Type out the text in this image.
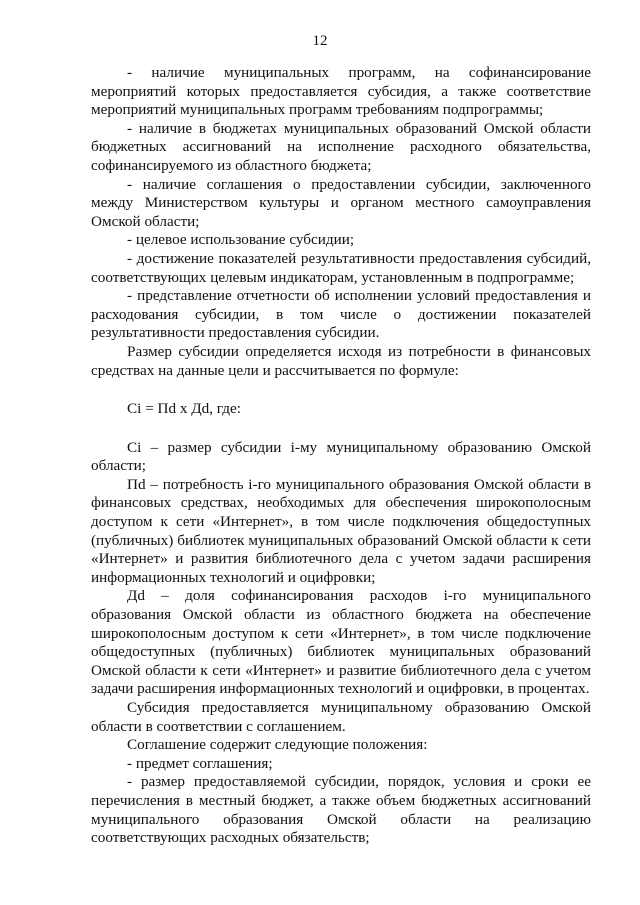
12

- наличие муниципальных программ, на софинансирование мероприятий которых предоставляется субсидия, а также соответствие мероприятий муниципальных программ требованиям подпрограммы;

- наличие в бюджетах муниципальных образований Омской области бюджетных ассигнований на исполнение расходного обязательства, софинансируемого из областного бюджета;

- наличие соглашения о предоставлении субсидии, заключенного между Министерством культуры и органом местного самоуправления Омской области;

- целевое использование субсидии;

- достижение показателей результативности предоставления субсидий, соответствующих целевым индикаторам, установленным в подпрограмме;

- представление отчетности об исполнении условий предоставления и расходования субсидии, в том числе о достижении показателей результативности предоставления субсидии.

Размер субсидии определяется исходя из потребности в финансовых средствах на данные цели и рассчитывается по формуле:

Ci = Пd x Дd, где:

Ci – размер субсидии i-му муниципальному образованию Омской области;

Пd – потребность i-го муниципального образования Омской области в финансовых средствах, необходимых для обеспечения широкополосным доступом к сети «Интернет», в том числе подключения общедоступных (публичных) библиотек муниципальных образований Омской области к сети «Интернет» и развития библиотечного дела с учетом задачи расширения информационных технологий и оцифровки;

Дd – доля софинансирования расходов i-го муниципального образования Омской области из областного бюджета на обеспечение широкополосным доступом к сети «Интернет», в том числе подключение общедоступных (публичных) библиотек муниципальных образований Омской области к сети «Интернет» и развитие библиотечного дела с учетом задачи расширения информационных технологий и оцифровки, в процентах.

Субсидия предоставляется муниципальному образованию Омской области в соответствии с соглашением.

Соглашение содержит следующие положения:

- предмет соглашения;

- размер предоставляемой субсидии, порядок, условия и сроки ее перечисления в местный бюджет, а также объем бюджетных ассигнований муниципального образования Омской области на реализацию соответствующих расходных обязательств;
